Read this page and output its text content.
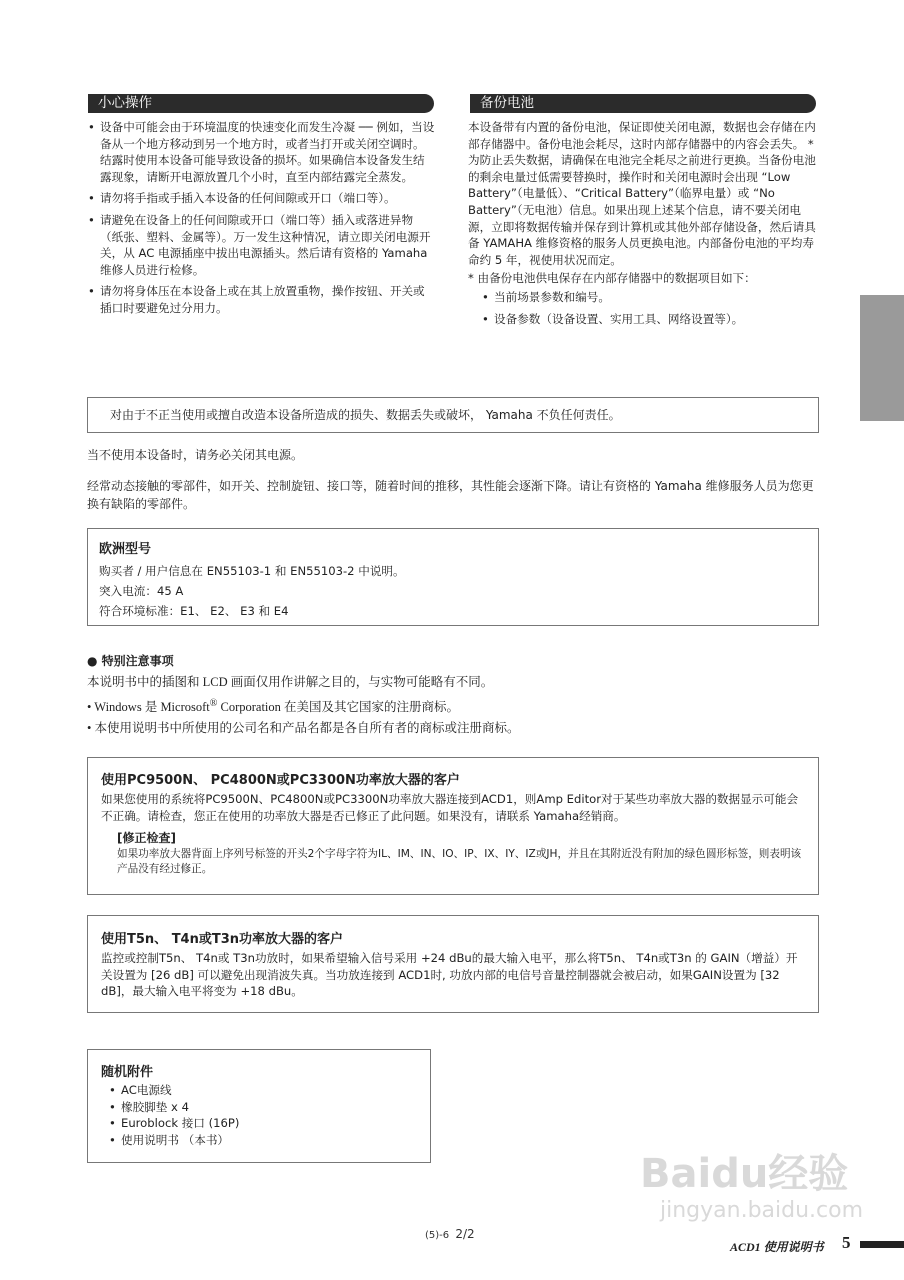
小心操作
• 设备中可能会由于环境温度的快速变化而发生冷凝 ── 例如，当设备从一个地方移动到另一个地方时，或者当打开或关闭空调时。结露时使用本设备可能导致设备的损坏。如果确信本设备发生结露现象，请断开电源放置几个小时，直至内部结露完全蒸发。
• 请勿将手指或手插入本设备的任何间隙或开口（端口等）。
• 请避免在设备上的任何间隙或开口（端口等）插入或落进异物（纸张、塑料、金属等）。万一发生这种情况，请立即关闭电源开关，从 AC 电源插座中拔出电源插头。然后请有资格的 Yamaha 维修人员进行检修。
• 请勿将身体压在本设备上或在其上放置重物，操作按钮、开关或插口时要避免过分用力。
备份电池
本设备带有内置的备份电池，保证即使关闭电源，数据也会存储在内部存储器中。备份电池会耗尽，这时内部存储器中的内容会丢失。 * 为防止丢失数据，请确保在电池完全耗尽之前进行更换。当备份电池的剩余电量过低需要替换时，操作时和关闭电源时会出现 “Low Battery”（电量低）、“Critical Battery”（临界电量）或 “No Battery”（无电池）信息。如果出现上述某个信息，请不要关闭电源，立即将数据传输并保存到计算机或其他外部存储设备，然后请具备 YAMAHA 维修资格的服务人员更换电池。内部备份电池的平均寿命约 5 年，视使用状况而定。
* 由备份电池供电保存在内部存储器中的数据项目如下：
• 当前场景参数和编号。
• 设备参数（设备设置、实用工具、网络设置等）。
对由于不正当使用或擅自改造本设备所造成的损失、数据丢失或破坏， Yamaha 不负任何责任。
当不使用本设备时，请务必关闭其电源。
经常动态接触的零部件，如开关、控制旋钮、接口等，随着时间的推移，其性能会逐渐下降。请让有资格的 Yamaha 维修服务人员为您更换有缺陷的零部件。
欧洲型号
购买者 / 用户信息在 EN55103-1 和 EN55103-2 中说明。
突入电流：45 A
符合环境标准：E1、 E2、 E3 和 E4
● 特别注意事项
本说明书中的插图和 LCD 画面仅用作讲解之目的，与实物可能略有不同。
• Windows 是 Microsoft® Corporation 在美国及其它国家的注册商标。
• 本使用说明书中所使用的公司名和产品名都是各自所有者的商标或注册商标。
使用PC9500N、 PC4800N或PC3300N功率放大器的客户
如果您使用的系统将PC9500N、PC4800N或PC3300N功率放大器连接到ACD1，则Amp Editor对于某些功率放大器的数据显示可能会不正确。请检查，您正在使用的功率放大器是否已修正了此问题。如果没有，请联系 Yamaha经销商。
[修正检查]
如果功率放大器背面上序列号标签的开头2个字母字符为IL、IM、IN、IO、IP、IX、IY、IZ或JH，并且在其附近没有附加的绿色圆形标签，则表明该产品没有经过修正。
使用T5n、 T4n或T3n功率放大器的客户
监控或控制T5n、 T4n或 T3n功放时，如果希望输入信号采用 +24 dBu的最大输入电平，那么将T5n、 T4n或T3n 的 GAIN（增益）开关设置为 [26 dB] 可以避免出现消波失真。当功放连接到 ACD1时, 功放内部的电信号音量控制器就会被启动，如果GAIN设置为 [32 dB]，最大输入电平将变为 +18 dBu。
随机附件
• AC电源线
• 橡胶脚垫 x 4
• Euroblock 接口 (16P)
• 使用说明书 （本书）
Baidu经验
jingyan.baidu.com
(5)-6 2/2
ACD1 使用说明书 5
